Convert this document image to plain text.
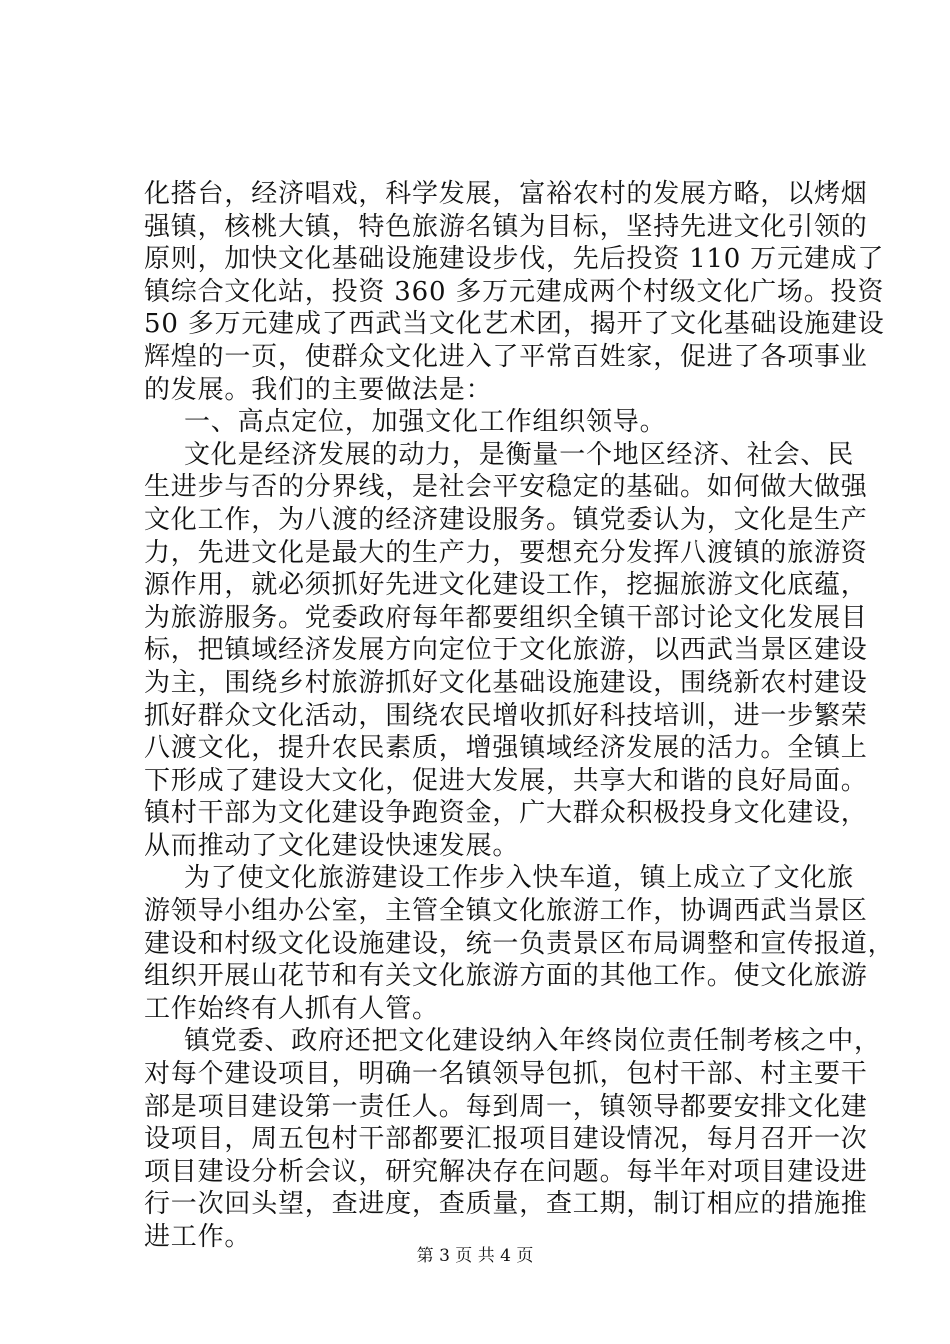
化搭台，经济唱戏，科学发展，富裕农村的发展方略，以烤烟
强镇，核桃大镇，特色旅游名镇为目标，坚持先进文化引领的
原则，加快文化基础设施建设步伐，先后投资 110 万元建成了
镇综合文化站，投资 360 多万元建成两个村级文化广场。投资
50 多万元建成了西武当文化艺术团，揭开了文化基础设施建设
辉煌的一页，使群众文化进入了平常百姓家，促进了各项事业
的发展。我们的主要做法是：
一、高点定位，加强文化工作组织领导。
文化是经济发展的动力，是衡量一个地区经济、社会、民
生进步与否的分界线，是社会平安稳定的基础。如何做大做强
文化工作，为八渡的经济建设服务。镇党委认为，文化是生产
力，先进文化是最大的生产力，要想充分发挥八渡镇的旅游资
源作用，就必须抓好先进文化建设工作，挖掘旅游文化底蕴，
为旅游服务。党委政府每年都要组织全镇干部讨论文化发展目
标，把镇域经济发展方向定位于文化旅游，以西武当景区建设
为主，围绕乡村旅游抓好文化基础设施建设，围绕新农村建设
抓好群众文化活动，围绕农民增收抓好科技培训，进一步繁荣
八渡文化，提升农民素质，增强镇域经济发展的活力。全镇上
下形成了建设大文化，促进大发展，共享大和谐的良好局面。
镇村干部为文化建设争跑资金，广大群众积极投身文化建设，
从而推动了文化建设快速发展。
为了使文化旅游建设工作步入快车道，镇上成立了文化旅
游领导小组办公室，主管全镇文化旅游工作，协调西武当景区
建设和村级文化设施建设，统一负责景区布局调整和宣传报道，
组织开展山花节和有关文化旅游方面的其他工作。使文化旅游
工作始终有人抓有人管。
镇党委、政府还把文化建设纳入年终岗位责任制考核之中，
对每个建设项目，明确一名镇领导包抓，包村干部、村主要干
部是项目建设第一责任人。每到周一，镇领导都要安排文化建
设项目，周五包村干部都要汇报项目建设情况，每月召开一次
项目建设分析会议，研究解决存在问题。每半年对项目建设进
行一次回头望，查进度，查质量，查工期，制订相应的措施推
进工作。
第 3 页 共 4 页
